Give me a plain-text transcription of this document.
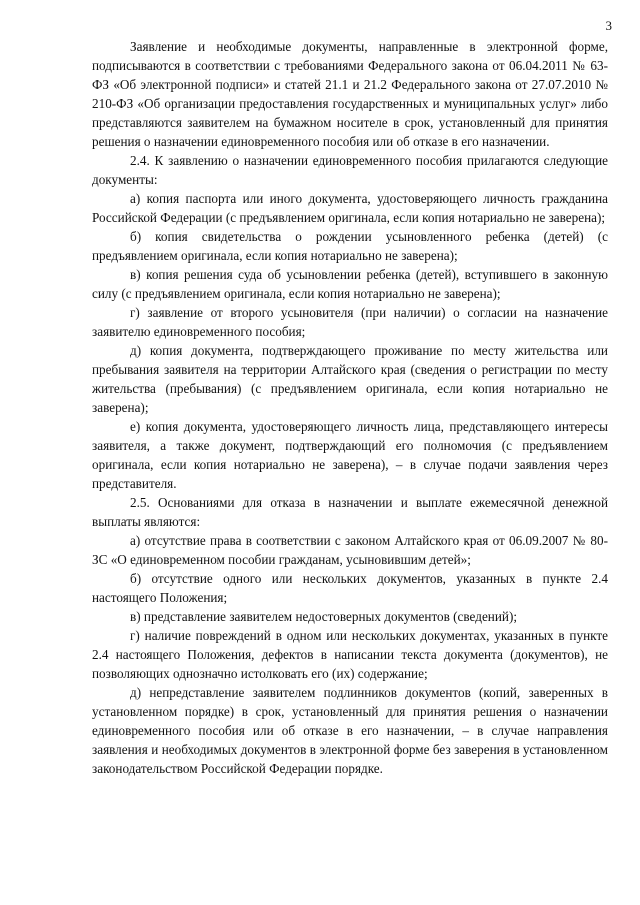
3

Заявление и необходимые документы, направленные в электронной форме, подписываются в соответствии с требованиями Федерального закона от 06.04.2011 № 63-ФЗ «Об электронной подписи» и статей 21.1 и 21.2 Федерального закона от 27.07.2010 № 210-ФЗ «Об организации предоставления государственных и муниципальных услуг» либо представляются заявителем на бумажном носителе в срок, установленный для принятия решения о назначении единовременного пособия или об отказе в его назначении.

2.4. К заявлению о назначении единовременного пособия прилагаются следующие документы:

а) копия паспорта или иного документа, удостоверяющего личность гражданина Российской Федерации (с предъявлением оригинала, если копия нотариально не заверена);

б) копия свидетельства о рождении усыновленного ребенка (детей) (с предъявлением оригинала, если копия нотариально не заверена);

в) копия решения суда об усыновлении ребенка (детей), вступившего в законную силу (с предъявлением оригинала, если копия нотариально не заверена);

г) заявление от второго усыновителя (при наличии) о согласии на назначение заявителю единовременного пособия;

д) копия документа, подтверждающего проживание по месту жительства или пребывания заявителя на территории Алтайского края (сведения о регистрации по месту жительства (пребывания) (с предъявлением оригинала, если копия нотариально не заверена);

е) копия документа, удостоверяющего личность лица, представляющего интересы заявителя, а также документ, подтверждающий его полномочия (с предъявлением оригинала, если копия нотариально не заверена), – в случае подачи заявления через представителя.

2.5. Основаниями для отказа в назначении и выплате ежемесячной денежной выплаты являются:

а) отсутствие права в соответствии с законом Алтайского края от 06.09.2007 № 80-ЗС «О единовременном пособии гражданам, усыновившим детей»;

б) отсутствие одного или нескольких документов, указанных в пункте 2.4 настоящего Положения;

в) представление заявителем недостоверных документов (сведений);

г) наличие повреждений в одном или нескольких документах, указанных в пункте 2.4 настоящего Положения, дефектов в написании текста документа (документов), не позволяющих однозначно истолковать его (их) содержание;

д) непредставление заявителем подлинников документов (копий, заверенных в установленном порядке) в срок, установленный для принятия решения о назначении единовременного пособия или об отказе в его назначении, – в случае направления заявления и необходимых документов в электронной форме без заверения в установленном законодательством Российской Федерации порядке.
